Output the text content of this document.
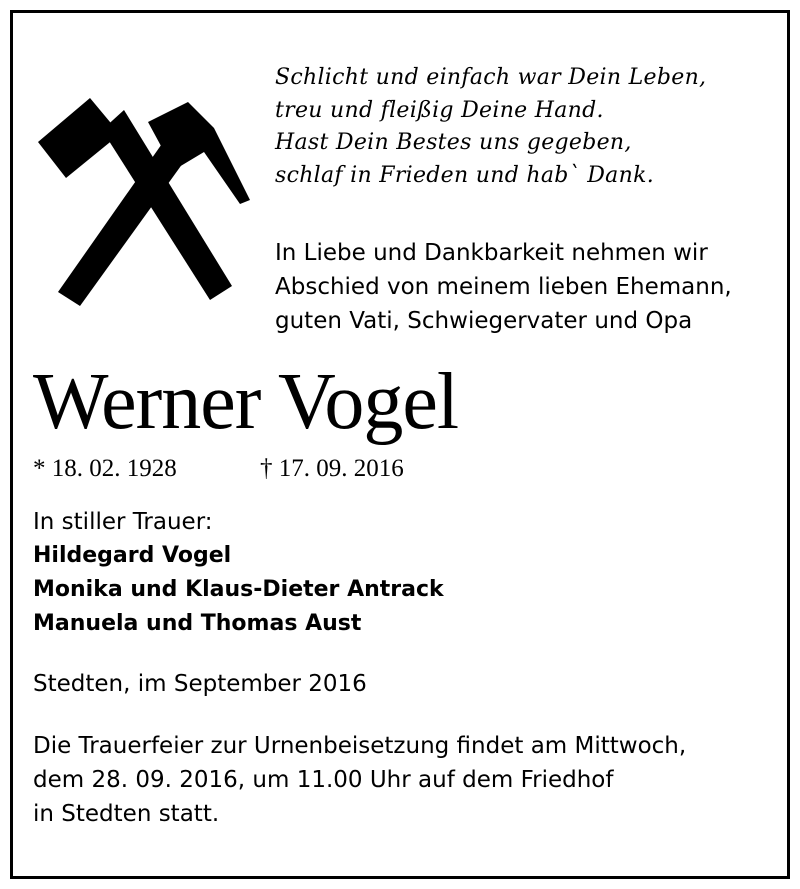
Schlicht und einfach war Dein Leben,
treu und fleißig Deine Hand.
Hast Dein Bestes uns gegeben,
schlaf in Frieden und hab` Dank.
In Liebe und Dankbarkeit nehmen wir
Abschied von meinem lieben Ehemann,
guten Vati, Schwiegervater und Opa
Werner Vogel
* 18. 02. 1928	† 17. 09. 2016
In stiller Trauer:
Hildegard Vogel
Monika und Klaus-Dieter Antrack
Manuela und Thomas Aust
Stedten, im September 2016
Die Trauerfeier zur Urnenbeisetzung findet am Mittwoch,
dem 28. 09. 2016, um 11.00 Uhr auf dem Friedhof
in Stedten statt.
